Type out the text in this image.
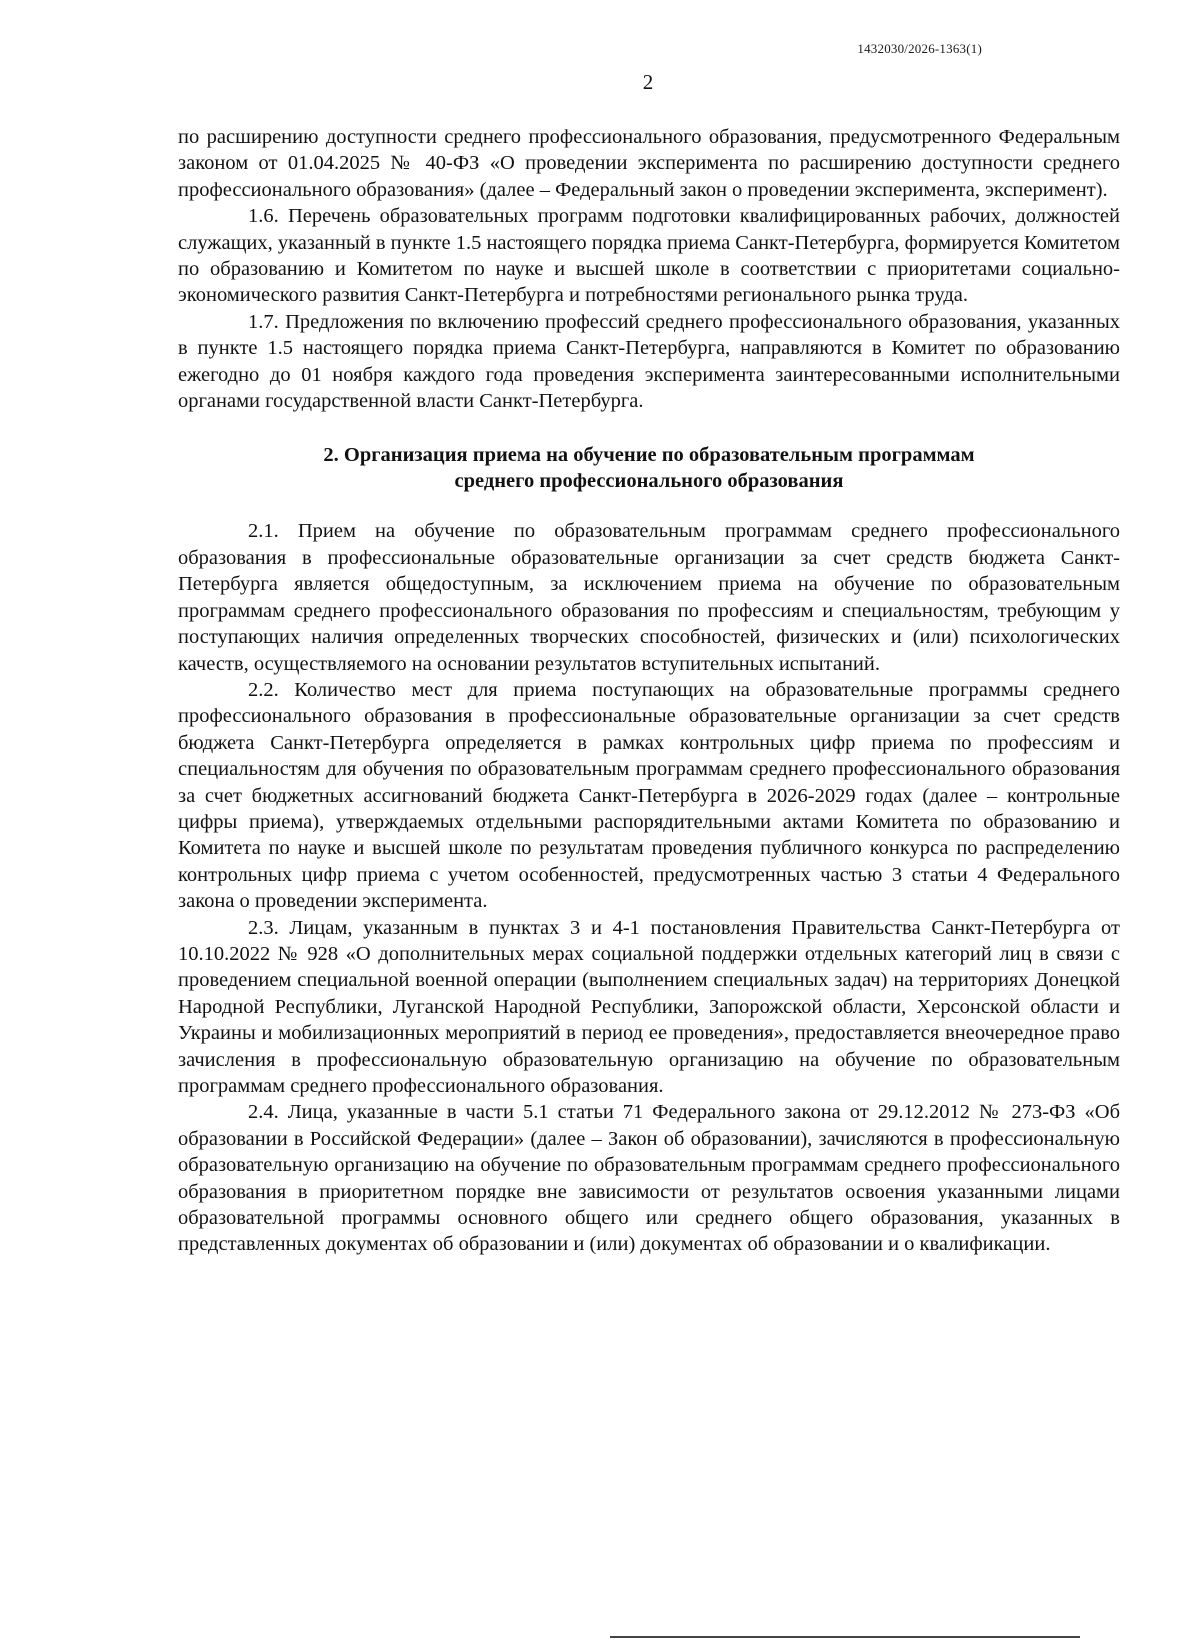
1432030/2026-1363(1)
2

по расширению доступности среднего профессионального образования, предусмотренного Федеральным законом от 01.04.2025 № 40-ФЗ «О проведении эксперимента по расширению доступности среднего профессионального образования» (далее – Федеральный закон о проведении эксперимента, эксперимент).

1.6. Перечень образовательных программ подготовки квалифицированных рабочих, должностей служащих, указанный в пункте 1.5 настоящего порядка приема Санкт-Петербурга, формируется Комитетом по образованию и Комитетом по науке и высшей школе в соответствии с приоритетами социально-экономического развития Санкт-Петербурга и потребностями регионального рынка труда.

1.7. Предложения по включению профессий среднего профессионального образования, указанных в пункте 1.5 настоящего порядка приема Санкт-Петербурга, направляются в Комитет по образованию ежегодно до 01 ноября каждого года проведения эксперимента заинтересованными исполнительными органами государственной власти Санкт-Петербурга.

2. Организация приема на обучение по образовательным программам
среднего профессионального образования

2.1. Прием на обучение по образовательным программам среднего профессионального образования в профессиональные образовательные организации за счет средств бюджета Санкт-Петербурга является общедоступным, за исключением приема на обучение по образовательным программам среднего профессионального образования по профессиям и специальностям, требующим у поступающих наличия определенных творческих способностей, физических и (или) психологических качеств, осуществляемого на основании результатов вступительных испытаний.

2.2. Количество мест для приема поступающих на образовательные программы среднего профессионального образования в профессиональные образовательные организации за счет средств бюджета Санкт-Петербурга определяется в рамках контрольных цифр приема по профессиям и специальностям для обучения по образовательным программам среднего профессионального образования за счет бюджетных ассигнований бюджета Санкт-Петербурга в 2026-2029 годах (далее – контрольные цифры приема), утверждаемых отдельными распорядительными актами Комитета по образованию и Комитета по науке и высшей школе по результатам проведения публичного конкурса по распределению контрольных цифр приема с учетом особенностей, предусмотренных частью 3 статьи 4 Федерального закона о проведении эксперимента.

2.3. Лицам, указанным в пунктах 3 и 4-1 постановления Правительства Санкт-Петербурга от 10.10.2022 № 928 «О дополнительных мерах социальной поддержки отдельных категорий лиц в связи с проведением специальной военной операции (выполнением специальных задач) на территориях Донецкой Народной Республики, Луганской Народной Республики, Запорожской области, Херсонской области и Украины и мобилизационных мероприятий в период ее проведения», предоставляется внеочередное право зачисления в профессиональную образовательную организацию на обучение по образовательным программам среднего профессионального образования.

2.4. Лица, указанные в части 5.1 статьи 71 Федерального закона от 29.12.2012 № 273-ФЗ «Об образовании в Российской Федерации» (далее – Закон об образовании), зачисляются в профессиональную образовательную организацию на обучение по образовательным программам среднего профессионального образования в приоритетном порядке вне зависимости от результатов освоения указанными лицами образовательной программы основного общего или среднего общего образования, указанных в представленных документах об образовании и (или) документах об образовании и о квалификации.
